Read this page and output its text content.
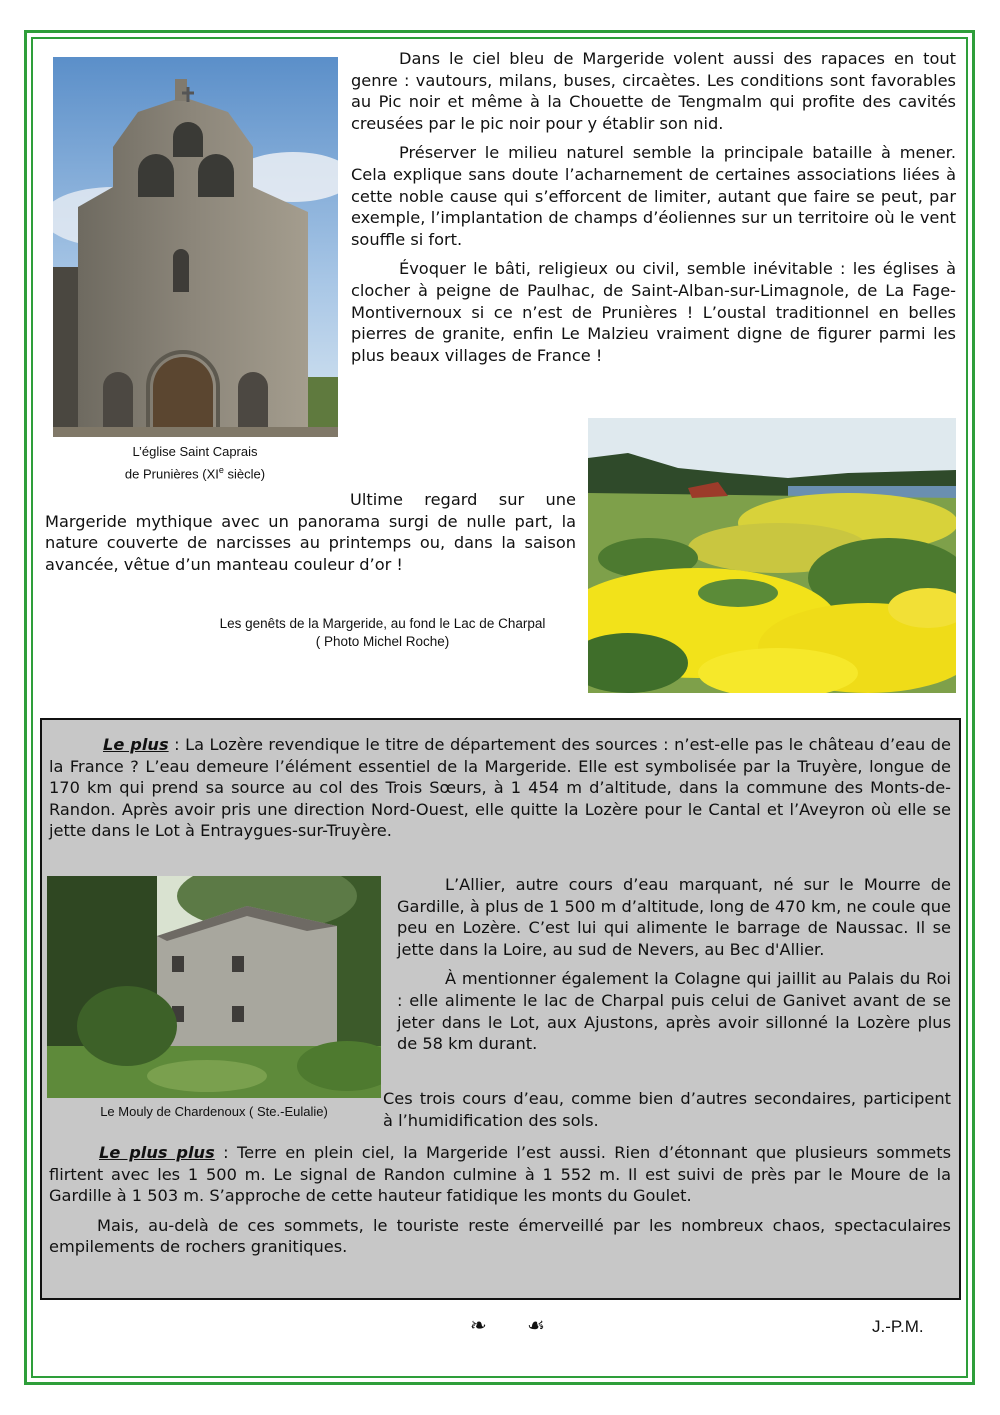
L’église Saint Caprais
de Prunières (XIe siècle)

Dans le ciel bleu de Margeride volent aussi des rapaces en tout genre : vautours, milans, buses, circaètes. Les conditions sont favorables au Pic noir et même à la Chouette de Tengmalm qui profite des cavités creusées par le pic noir pour y établir son nid.

Préserver le milieu naturel semble la principale bataille à mener. Cela explique sans doute l’acharnement de certaines associations liées à cette noble cause qui s’efforcent de limiter, autant que faire se peut, par exemple, l’implantation de champs d’éoliennes sur un territoire où le vent souffle si fort.

Évoquer le bâti, religieux ou civil, semble inévitable : les églises à clocher à peigne de Paulhac, de Saint-Alban-sur-Limagnole, de La Fage-Montivernoux si ce n’est de Prunières ! L’oustal traditionnel en belles pierres de granite, enfin Le Malzieu vraiment digne de figurer parmi les plus beaux villages de France !

Ultime regard sur une Margeride mythique avec un panorama surgi de nulle part, la nature couverte de narcisses au printemps ou, dans la saison avancée, vêtue d’un manteau couleur d’or !

Les genêts de la Margeride, au fond le Lac de Charpal
( Photo Michel Roche)

Le plus : La Lozère revendique le titre de département des sources : n’est-elle pas le château d’eau de la France ? L’eau demeure l’élément essentiel de la Margeride. Elle est symbolisée par la Truyère, longue de 170 km qui prend sa source au col des Trois Sœurs, à 1 454 m d’altitude, dans la commune des Monts-de-Randon. Après avoir pris une direction Nord-Ouest, elle quitte la Lozère pour le Cantal et l’Aveyron où elle se jette dans le Lot à Entraygues-sur-Truyère.

Le Mouly de Chardenoux ( Ste.-Eulalie)

L’Allier, autre cours d’eau marquant, né sur le Mourre de Gardille, à plus de 1 500 m d’altitude, long de 470 km, ne coule que peu en Lozère. C’est lui qui alimente le barrage de Naussac. Il se jette dans la Loire, au sud de Nevers, au Bec d'Allier.

À mentionner également la Colagne qui jaillit au Palais du Roi : elle alimente le lac de Charpal puis celui de Ganivet avant de se jeter dans le Lot, aux Ajustons, après avoir sillonné la Lozère plus de 58 km durant.

Ces trois cours d’eau, comme bien d’autres secondaires, participent à l’humidification des sols.

Le plus plus : Terre en plein ciel, la Margeride l’est aussi. Rien d’étonnant que plusieurs sommets flirtent avec les 1 500 m. Le signal de Randon culmine à 1 552 m. Il est suivi de près par le Moure de la Gardille à 1 503 m. S’approche de cette hauteur fatidique les monts du Goulet.

Mais, au-delà de ces sommets, le touriste reste émerveillé par les nombreux chaos, spectaculaires empilements de rochers granitiques.

❧ ☙	J.-P.M.
